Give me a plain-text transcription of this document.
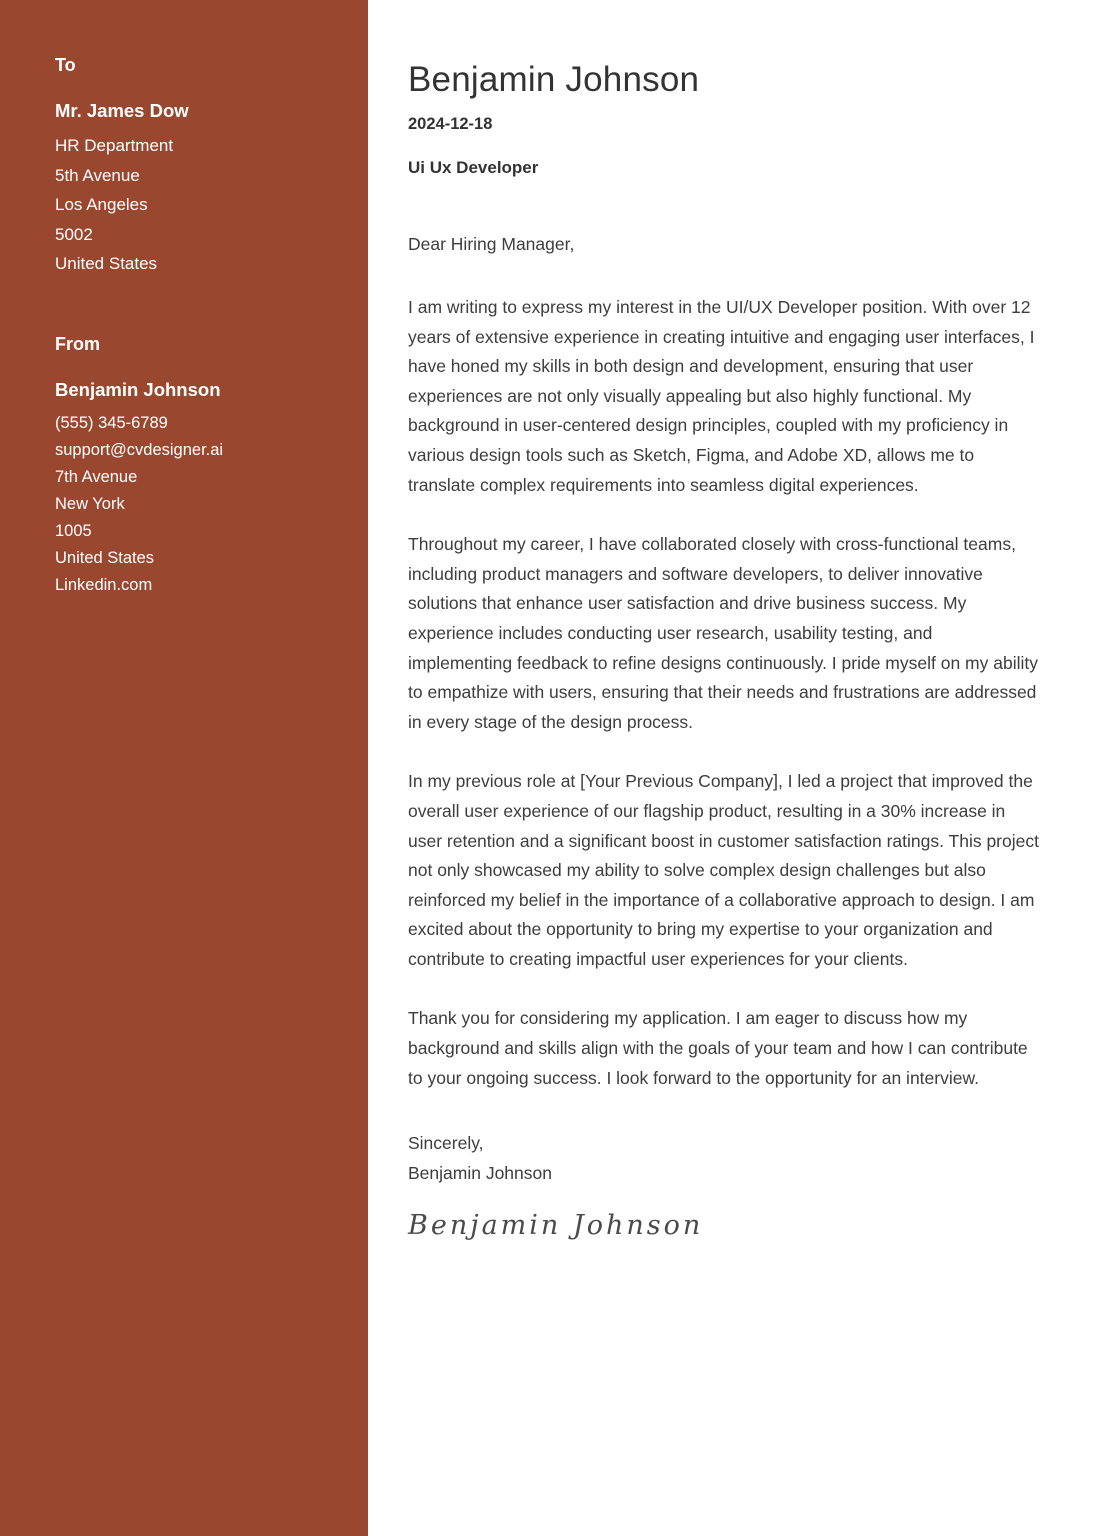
To
Mr. James Dow
HR Department
5th Avenue
Los Angeles
5002
United States
From
Benjamin Johnson
(555) 345-6789
support@cvdesigner.ai
7th Avenue
New York
1005
United States
Linkedin.com
Benjamin Johnson
2024-12-18
Ui Ux Developer

Dear Hiring Manager,

I am writing to express my interest in the UI/UX Developer position. With over 12 years of extensive experience in creating intuitive and engaging user interfaces, I have honed my skills in both design and development, ensuring that user experiences are not only visually appealing but also highly functional. My background in user-centered design principles, coupled with my proficiency in various design tools such as Sketch, Figma, and Adobe XD, allows me to translate complex requirements into seamless digital experiences.

Throughout my career, I have collaborated closely with cross-functional teams, including product managers and software developers, to deliver innovative solutions that enhance user satisfaction and drive business success. My experience includes conducting user research, usability testing, and implementing feedback to refine designs continuously. I pride myself on my ability to empathize with users, ensuring that their needs and frustrations are addressed in every stage of the design process.

In my previous role at [Your Previous Company], I led a project that improved the overall user experience of our flagship product, resulting in a 30% increase in user retention and a significant boost in customer satisfaction ratings. This project not only showcased my ability to solve complex design challenges but also reinforced my belief in the importance of a collaborative approach to design. I am excited about the opportunity to bring my expertise to your organization and contribute to creating impactful user experiences for your clients.

Thank you for considering my application. I am eager to discuss how my background and skills align with the goals of your team and how I can contribute to your ongoing success. I look forward to the opportunity for an interview.

Sincerely,
Benjamin Johnson
Benjamin Johnson
